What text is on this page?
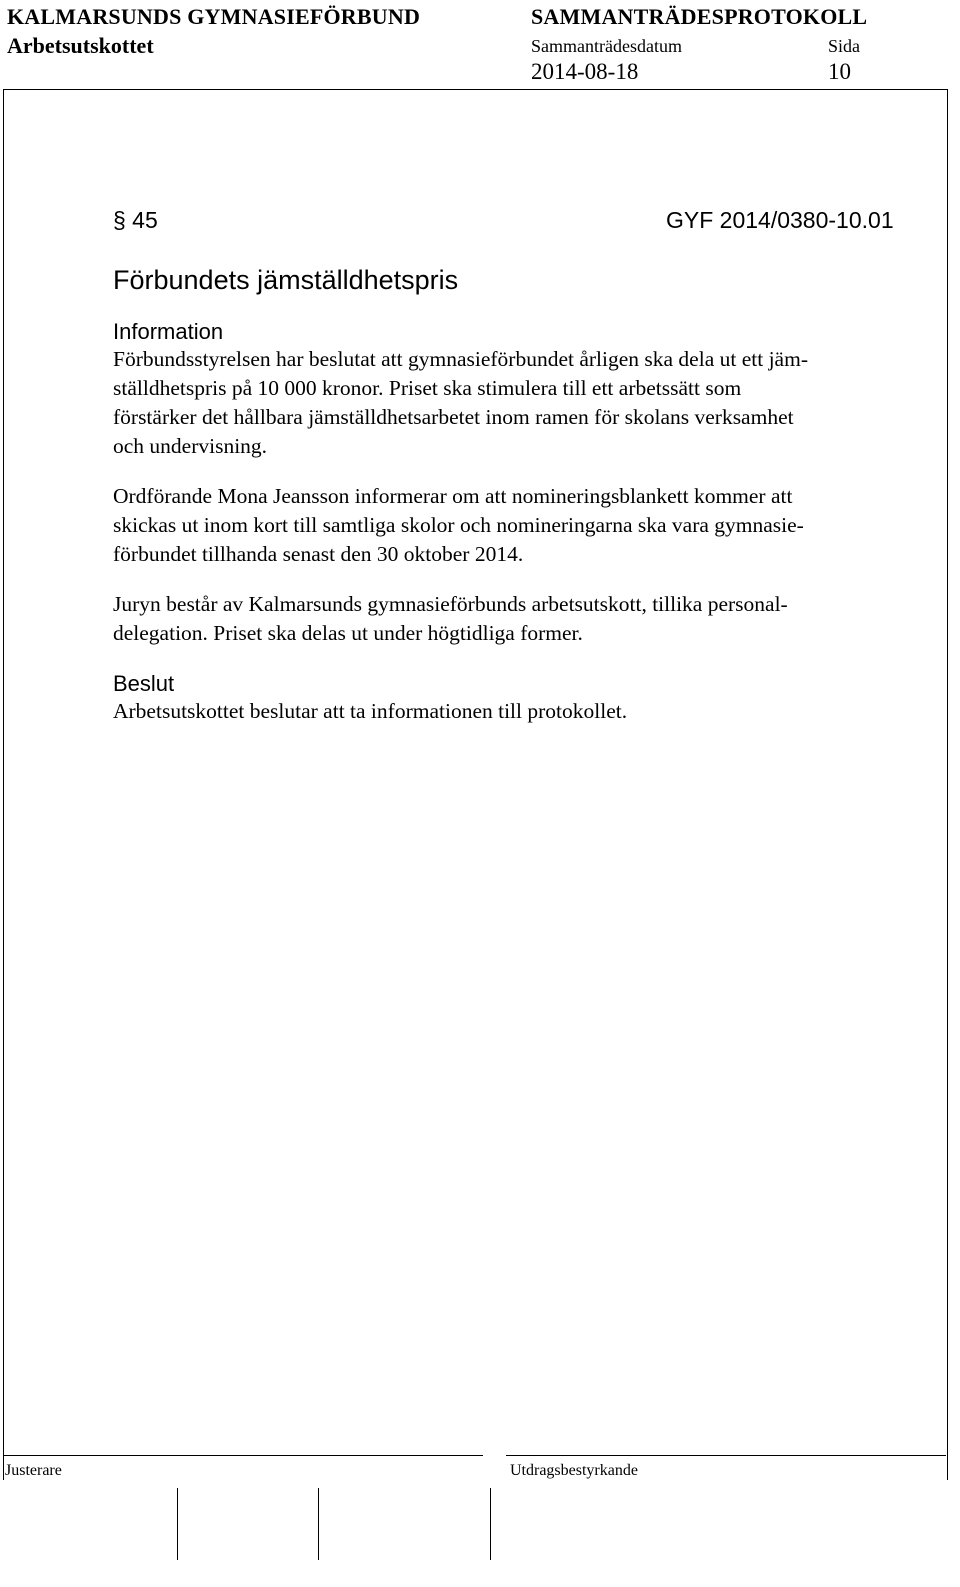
KALMARSUNDS GYMNASIEFÖRBUND	SAMMANTRÄDESPROTOKOLL
Arbetsutskottet	Sammanträdesdatum	Sida
2014-08-18	10
§ 45	GYF 2014/0380-10.01
Förbundets jämställdhetspris
Information
Förbundsstyrelsen har beslutat att gymnasieförbundet årligen ska dela ut ett jäm-
ställdhetspris på 10 000 kronor. Priset ska stimulera till ett arbetssätt som
förstärker det hållbara jämställdhetsarbetet inom ramen för skolans verksamhet
och undervisning.
Ordförande Mona Jeansson informerar om att nomineringsblankett kommer att
skickas ut inom kort till samtliga skolor och nomineringarna ska vara gymnasie-
förbundet tillhanda senast den 30 oktober 2014.
Juryn består av Kalmarsunds gymnasieförbunds arbetsutskott, tillika personal-
delegation. Priset ska delas ut under högtidliga former.
Beslut
Arbetsutskottet beslutar att ta informationen till protokollet.
Justerare	Utdragsbestyrkande
